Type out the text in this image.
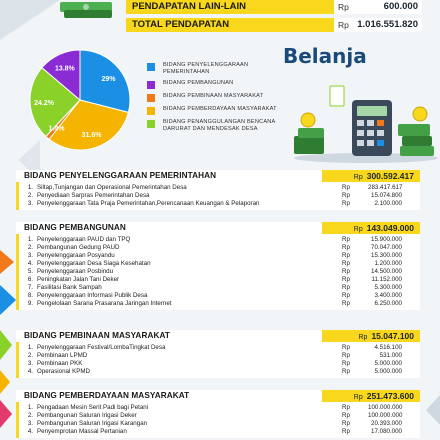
PENDAPATAN LAIN-LAIN	Rp	600.000
TOTAL PENDAPATAN	Rp 1.016.551.820
29%
31.6%
1.4%
24.2%
13.8%
BIDANG PENYELENGGARAAN PEMERINTAHAN
BIDANG PEMBANGUNAN
BIDANG PEMBINAAN MASYARAKAT
BIDANG PEMBERDAYAAN MASYARAKAT
BIDANG PENANGGULANGAN BENCANA DARURAT DAN MENDESAK DESA
Belanja
BIDANG PENYELENGGARAAN PEMERINTAHAN	Rp 300.592.417
1. Siltap,Tunjangan dan Operasional Pemerintahan Desa	Rp	283.417.617
2. Penyediaan Sarpras Pemerintahan Desa	Rp	15.074.800
3. Penyelenggaraan Tata Praja Pemerintahan,Perencanaan Keuangan & Pelaporan	Rp	2.100.000
BIDANG PEMBANGUNAN	Rp 143.049.000
1. Penyelenggaraan PAUD dan TPQ	Rp	15.900.000
2. Pembangunan Gedung PAUD	Rp	70.047.000
3. Penyelenggaraan Posyandu	Rp	15.300.000
4. Penyelenggaraan Desa Siaga Kesehatan	Rp	1.200.000
5. Penyelenggaraan Posbindu	Rp	14.500.000
6. Peningkatan Jalan Tani Deker	Rp	11.152.000
7. Fasilitasi Bank Sampah	Rp	5.300.000
8. Penyelenggaraan Informasi Publik Desa	Rp	3.400.000
9. Pengelolaan Sarana Prasarana Jaringan Internet	Rp	6.250.000
BIDANG PEMBINAAN MASYARAKAT	Rp 15.047.100
1. Penyelenggaraan Festival/LombaTingkat Desa	Rp	4.516.100
2. Pembinaan LPMD	Rp	531.000
3. Pembinaan PKK	Rp	5.000.000
4. Operasional KPMD	Rp	5.000.000
BIDANG PEMBERDAYAAN MASYARAKAT	Rp 251.473.600
1. Pengadaan Mesin Serit Padi bagi Petani	Rp	100.000.000
2. Pembangunan Saluran Irigasi Deker	Rp	100.000.000
3. Pembangunan Saluran Irigasi Karangan	Rp	20.393.000
4. Penyemprotan Massal Pertanian	Rp	17.080.000
